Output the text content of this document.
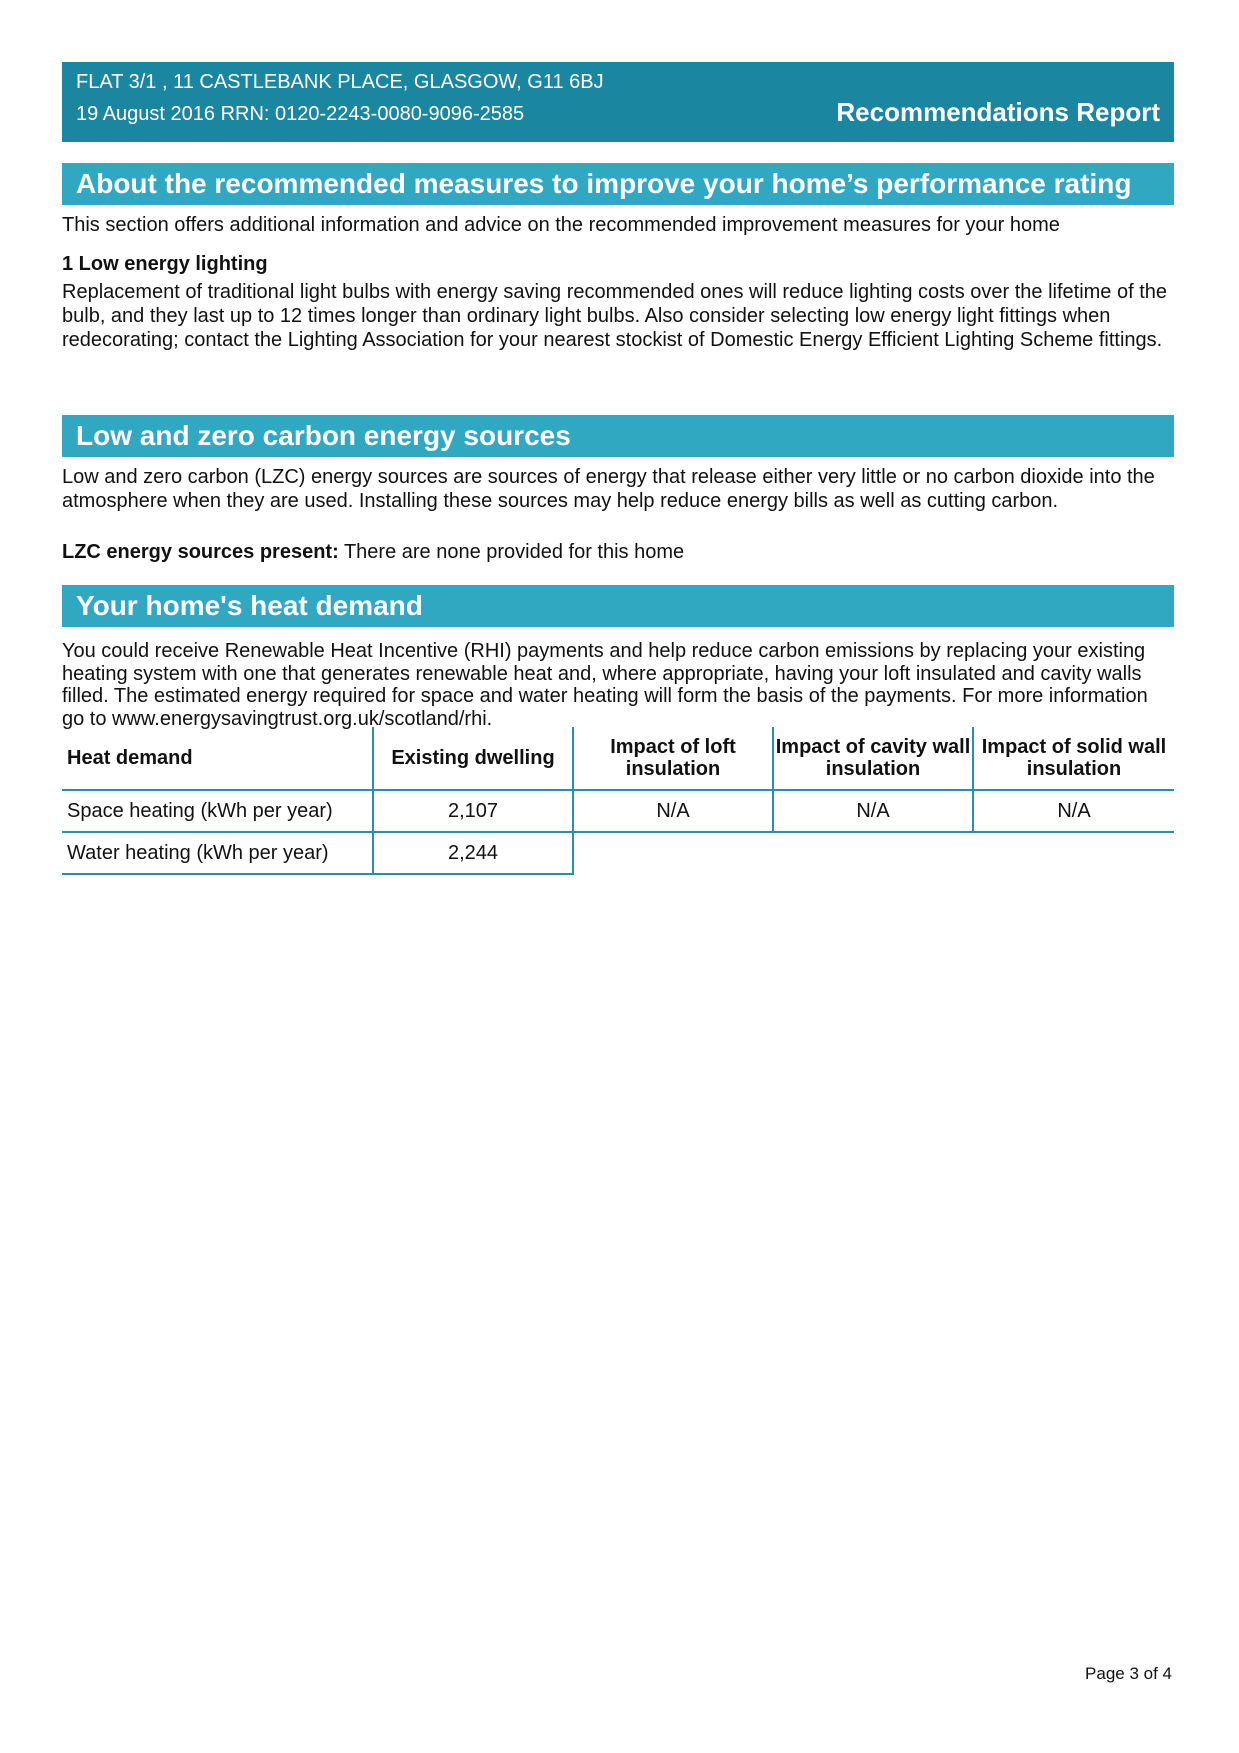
FLAT 3/1 , 11 CASTLEBANK PLACE, GLASGOW, G11 6BJ
19 August 2016 RRN: 0120-2243-0080-9096-2585	Recommendations Report
About the recommended measures to improve your home’s performance rating
This section offers additional information and advice on the recommended improvement measures for your home
1 Low energy lighting
Replacement of traditional light bulbs with energy saving recommended ones will reduce lighting costs over the lifetime of the bulb, and they last up to 12 times longer than ordinary light bulbs. Also consider selecting low energy light fittings when redecorating; contact the Lighting Association for your nearest stockist of Domestic Energy Efficient Lighting Scheme fittings.
Low and zero carbon energy sources
Low and zero carbon (LZC) energy sources are sources of energy that release either very little or no carbon dioxide into the atmosphere when they are used. Installing these sources may help reduce energy bills as well as cutting carbon.
LZC energy sources present: There are none provided for this home
Your home's heat demand
You could receive Renewable Heat Incentive (RHI) payments and help reduce carbon emissions by replacing your existing heating system with one that generates renewable heat and, where appropriate, having your loft insulated and cavity walls filled. The estimated energy required for space and water heating will form the basis of the payments. For more information go to www.energysavingtrust.org.uk/scotland/rhi.
Heat demand	Existing dwelling	Impact of loft insulation	Impact of cavity wall insulation	Impact of solid wall insulation
Space heating (kWh per year)	2,107	N/A	N/A	N/A
Water heating (kWh per year)	2,244			
Page 3 of 4
